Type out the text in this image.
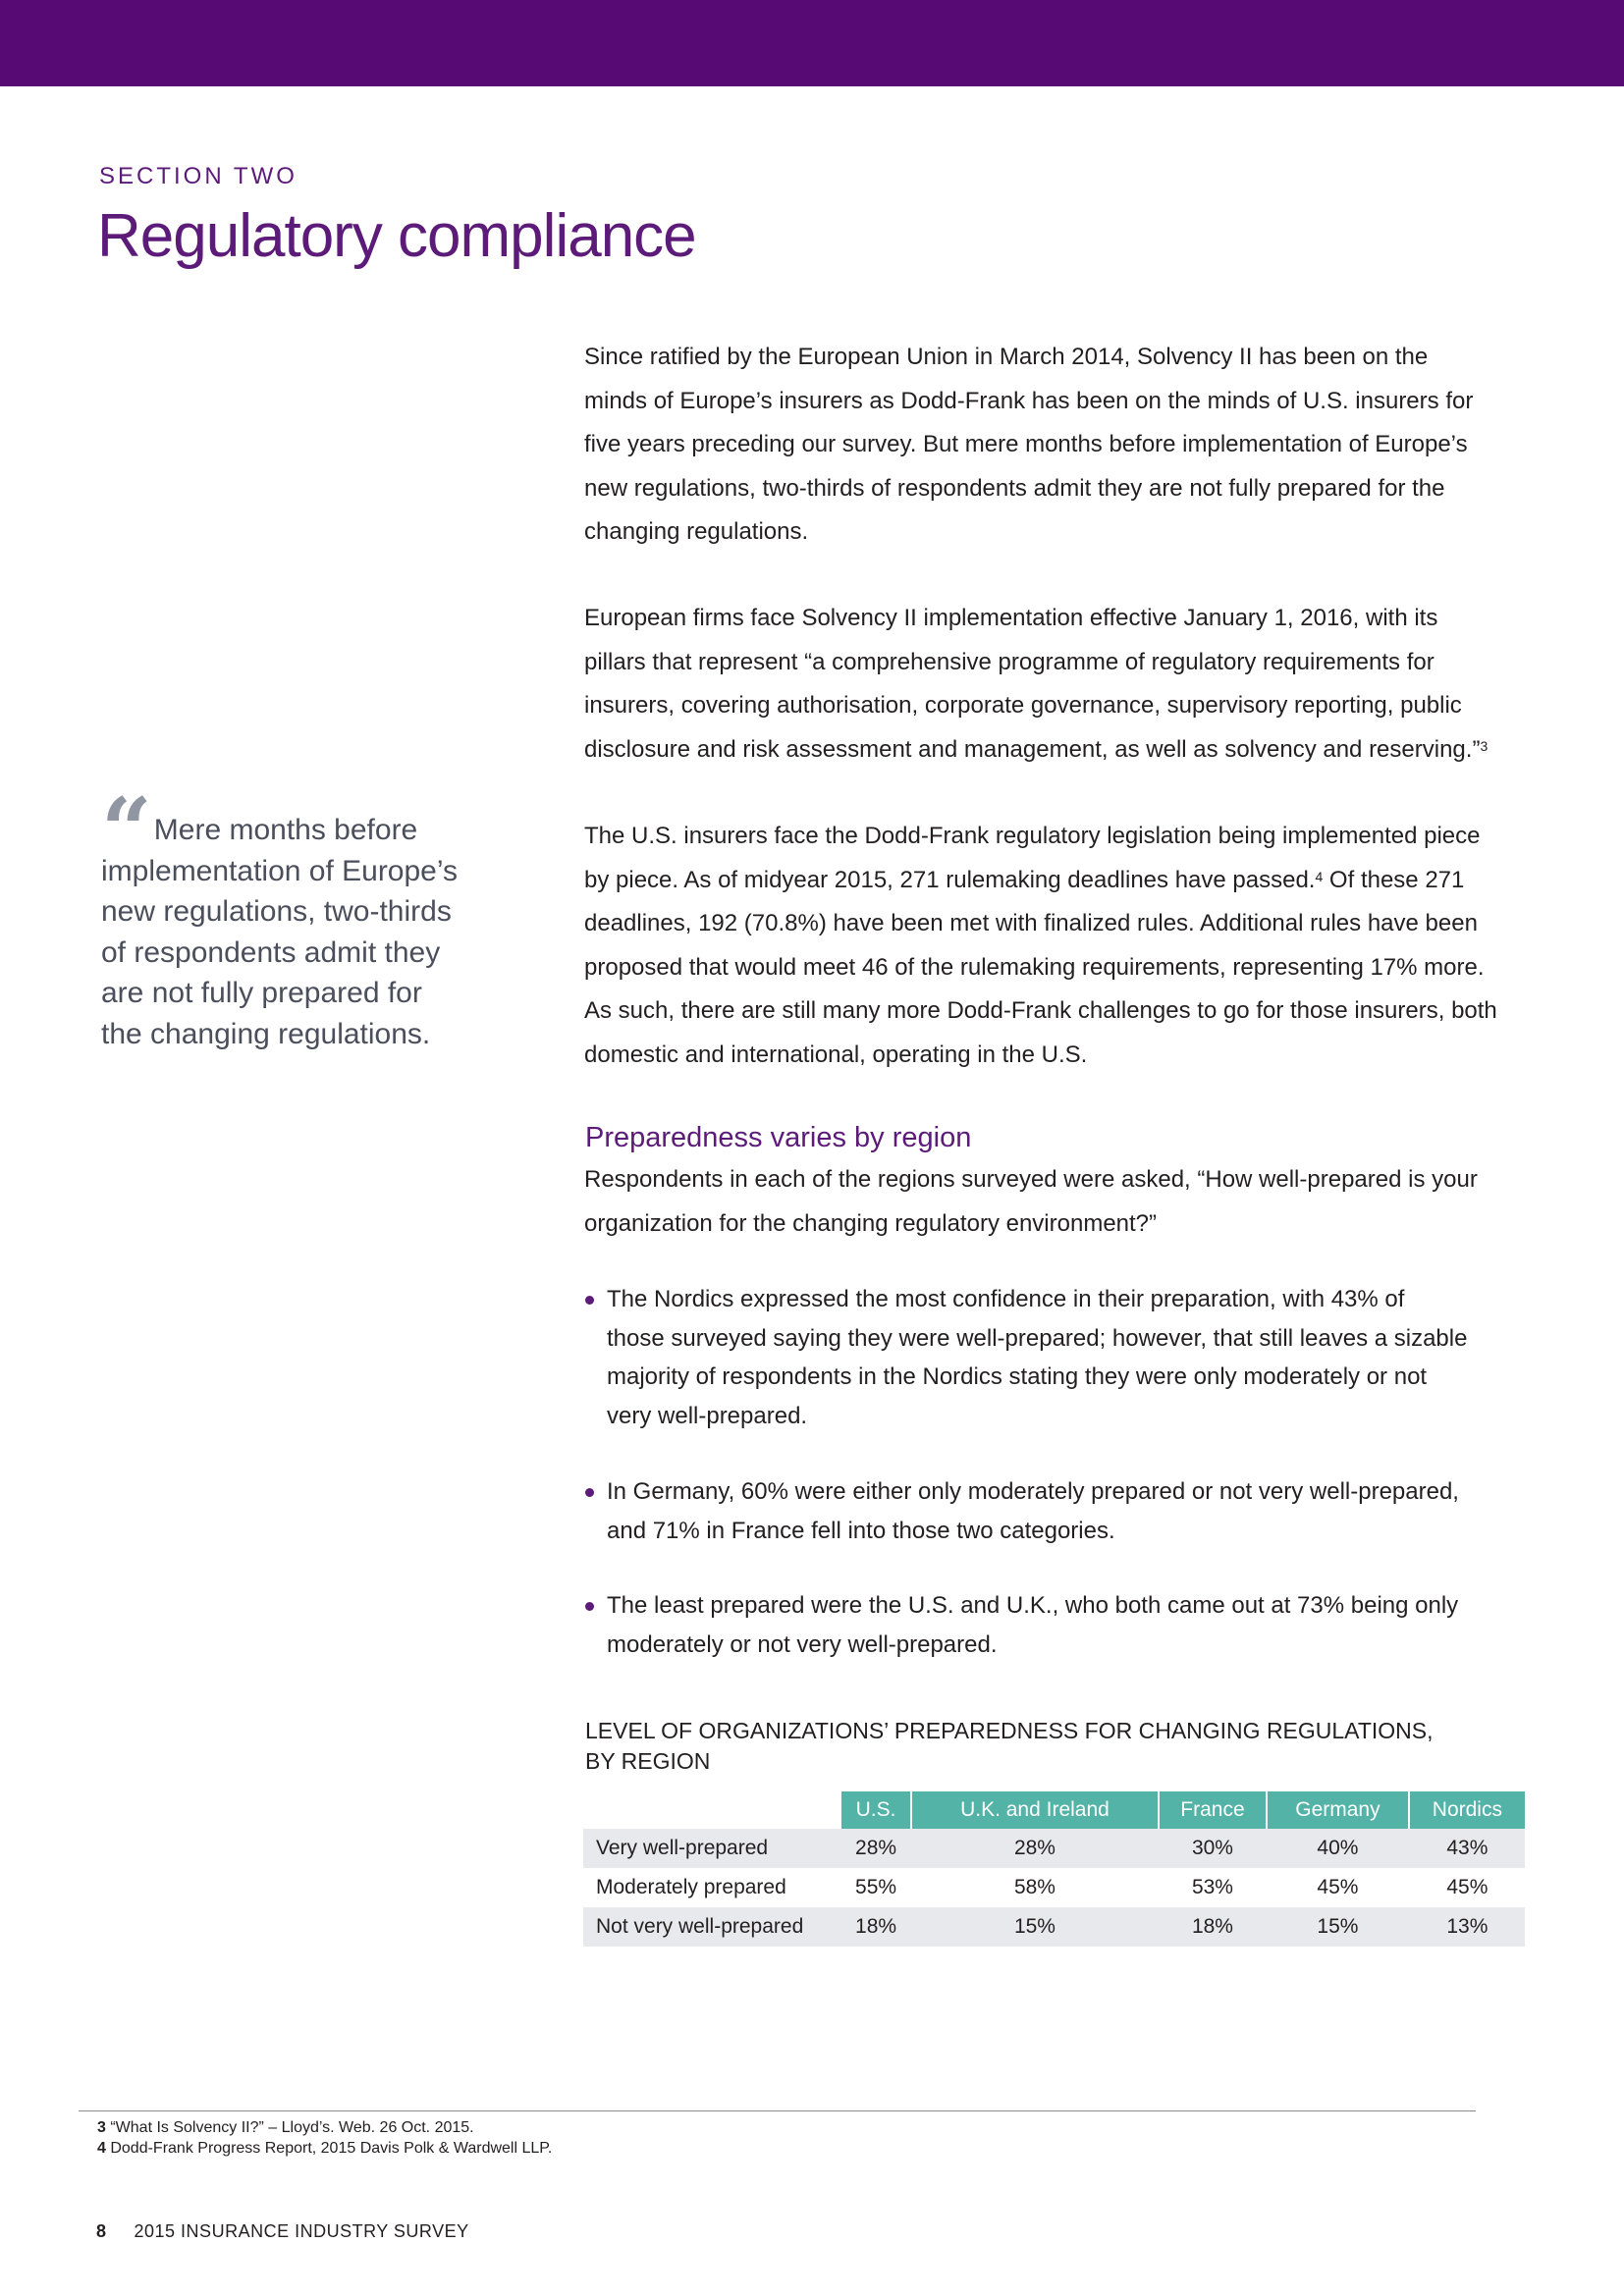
SECTION TWO
Regulatory compliance

Since ratified by the European Union in March 2014, Solvency II has been on the

minds of Europe’s insurers as Dodd-Frank has been on the minds of U.S. insurers for

five years preceding our survey. But mere months before implementation of Europe’s

new regulations, two-thirds of respondents admit they are not fully prepared for the

changing regulations.

European firms face Solvency II implementation effective January 1, 2016, with its

pillars that represent “a comprehensive programme of regulatory requirements for

insurers, covering authorisation, corporate governance, supervisory reporting, public

disclosure and risk assessment and management, as well as solvency and reserving.”$^3$

The U.S. insurers face the Dodd-Frank regulatory legislation being implemented piece

by piece. As of midyear 2015, 271 rulemaking deadlines have passed.$^4$ Of these 271

deadlines, 192 (70.8%) have been met with finalized rules. Additional rules have been

proposed that would meet 46 of the rulemaking requirements, representing 17% more.

As such, there are still many more Dodd-Frank challenges to go for those insurers, both

domestic and international, operating in the U.S.

“ Mere months before
implementation of Europe’s
new regulations, two-thirds
of respondents admit they
are not fully prepared for
the changing regulations.
Preparedness varies by region

Respondents in each of the regions surveyed were asked, “How well-prepared is your

organization for the changing regulatory environment?”

The Nordics expressed the most confidence in their preparation, with 43% of
those surveyed saying they were well-prepared; however, that still leaves a sizable
majority of respondents in the Nordics stating they were only moderately or not
very well-prepared.
In Germany, 60% were either only moderately prepared or not very well-prepared,
and 71% in France fell into those two categories.
The least prepared were the U.S. and U.K., who both came out at 73% being only
moderately or not very well-prepared.
LEVEL OF ORGANIZATIONS’ PREPAREDNESS FOR CHANGING REGULATIONS,
BY REGION
	U.S.	U.K. and Ireland	France	Germany	Nordics
Very well-prepared	28%	28%	30%	40%	43%
Moderately prepared	55%	58%	53%	45%	45%
Not very well-prepared	18%	15%	18%	15%	13%
3 “What Is Solvency II?” – Lloyd’s. Web. 26 Oct. 2015.
4 Dodd-Frank Progress Report, 2015 Davis Polk & Wardwell LLP.
8 2015 INSURANCE INDUSTRY SURVEY
